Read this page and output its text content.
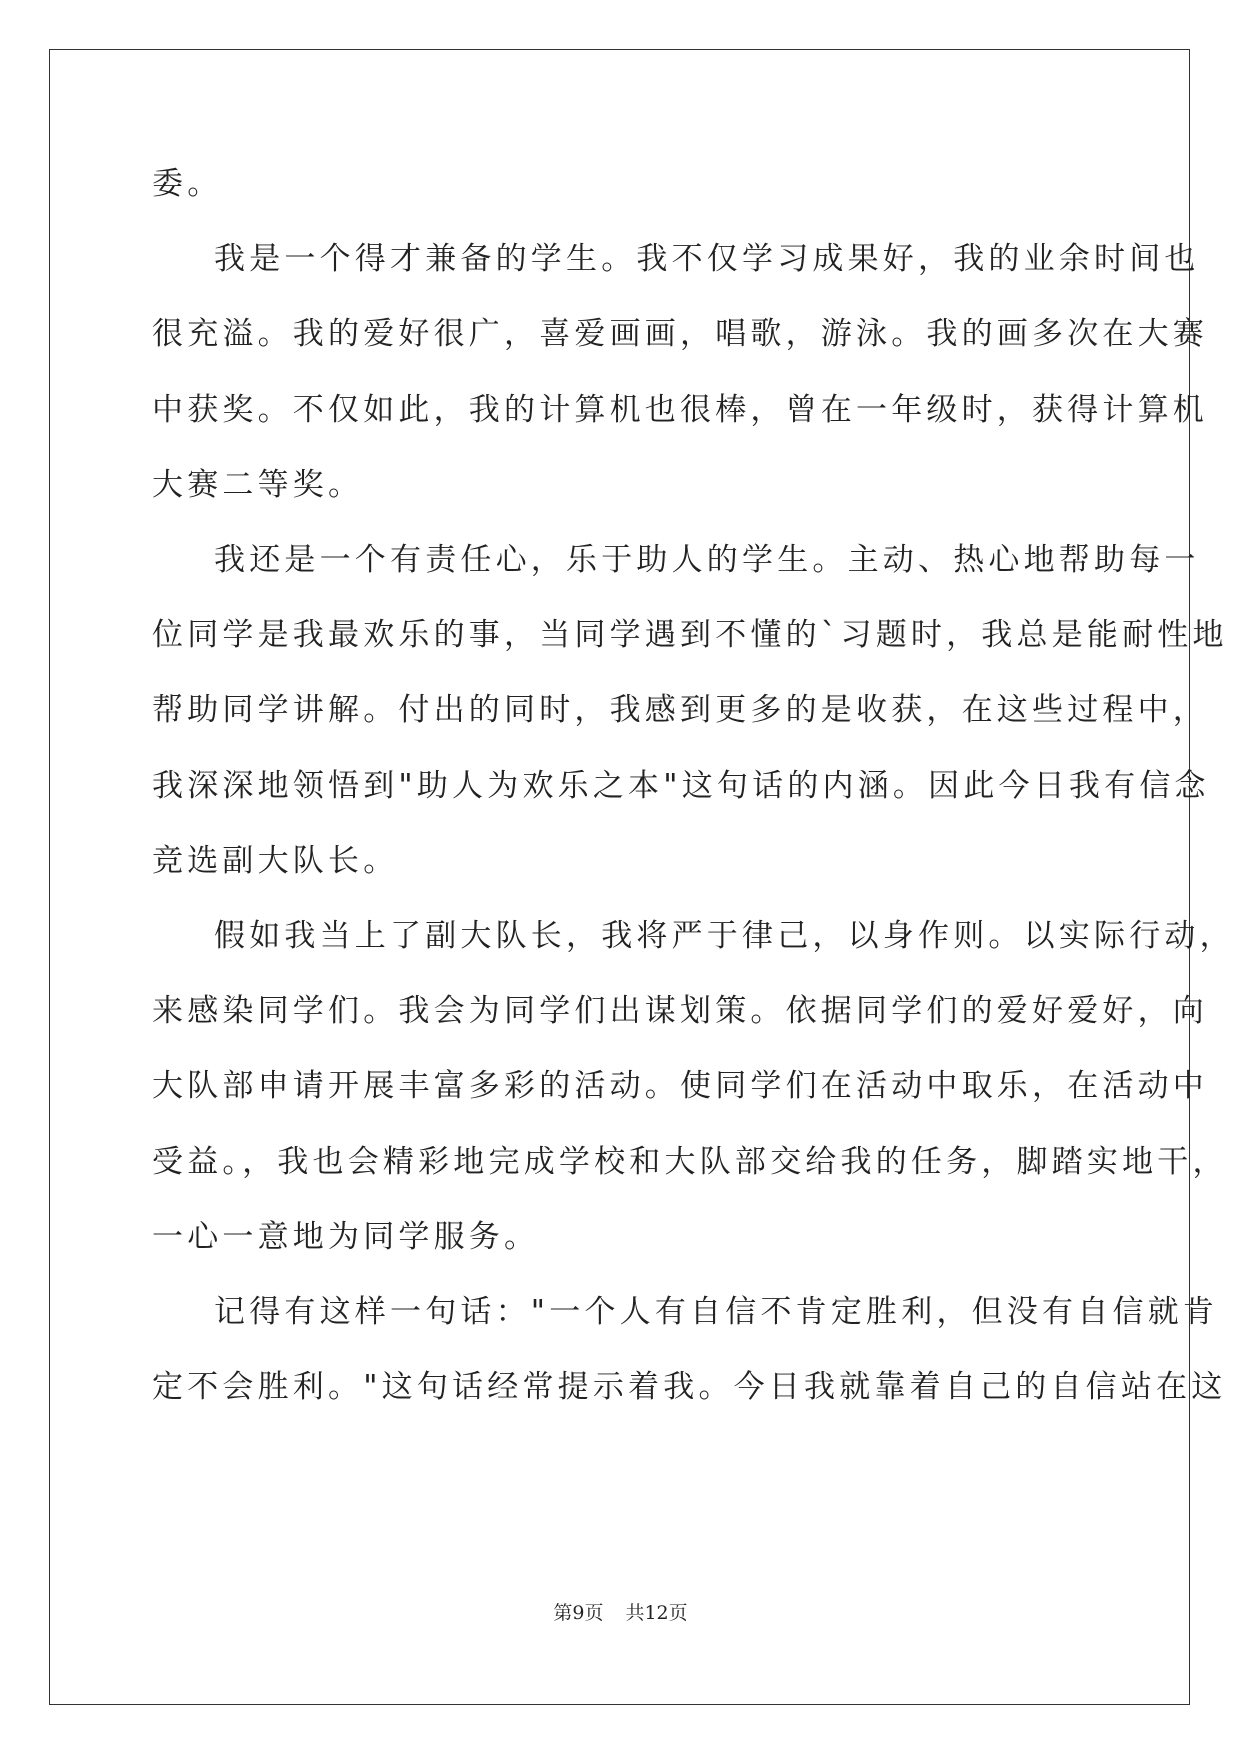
委。
我是一个得才兼备的学生。我不仅学习成果好，我的业余时间也
很充溢。我的爱好很广，喜爱画画，唱歌，游泳。我的画多次在大赛
中获奖。不仅如此，我的计算机也很棒，曾在一年级时，获得计算机
大赛二等奖。
我还是一个有责任心，乐于助人的学生。主动、热心地帮助每一
位同学是我最欢乐的事，当同学遇到不懂的`习题时，我总是能耐性地
帮助同学讲解。付出的同时，我感到更多的是收获，在这些过程中，
我深深地领悟到"助人为欢乐之本"这句话的内涵。因此今日我有信念
竞选副大队长。
假如我当上了副大队长，我将严于律己，以身作则。以实际行动，
来感染同学们。我会为同学们出谋划策。依据同学们的爱好爱好，向
大队部申请开展丰富多彩的活动。使同学们在活动中取乐，在活动中
受益。，我也会精彩地完成学校和大队部交给我的任务，脚踏实地干，
一心一意地为同学服务。
记得有这样一句话："一个人有自信不肯定胜利，但没有自信就肯
定不会胜利。"这句话经常提示着我。今日我就靠着自己的自信站在这
第9页 共12页
